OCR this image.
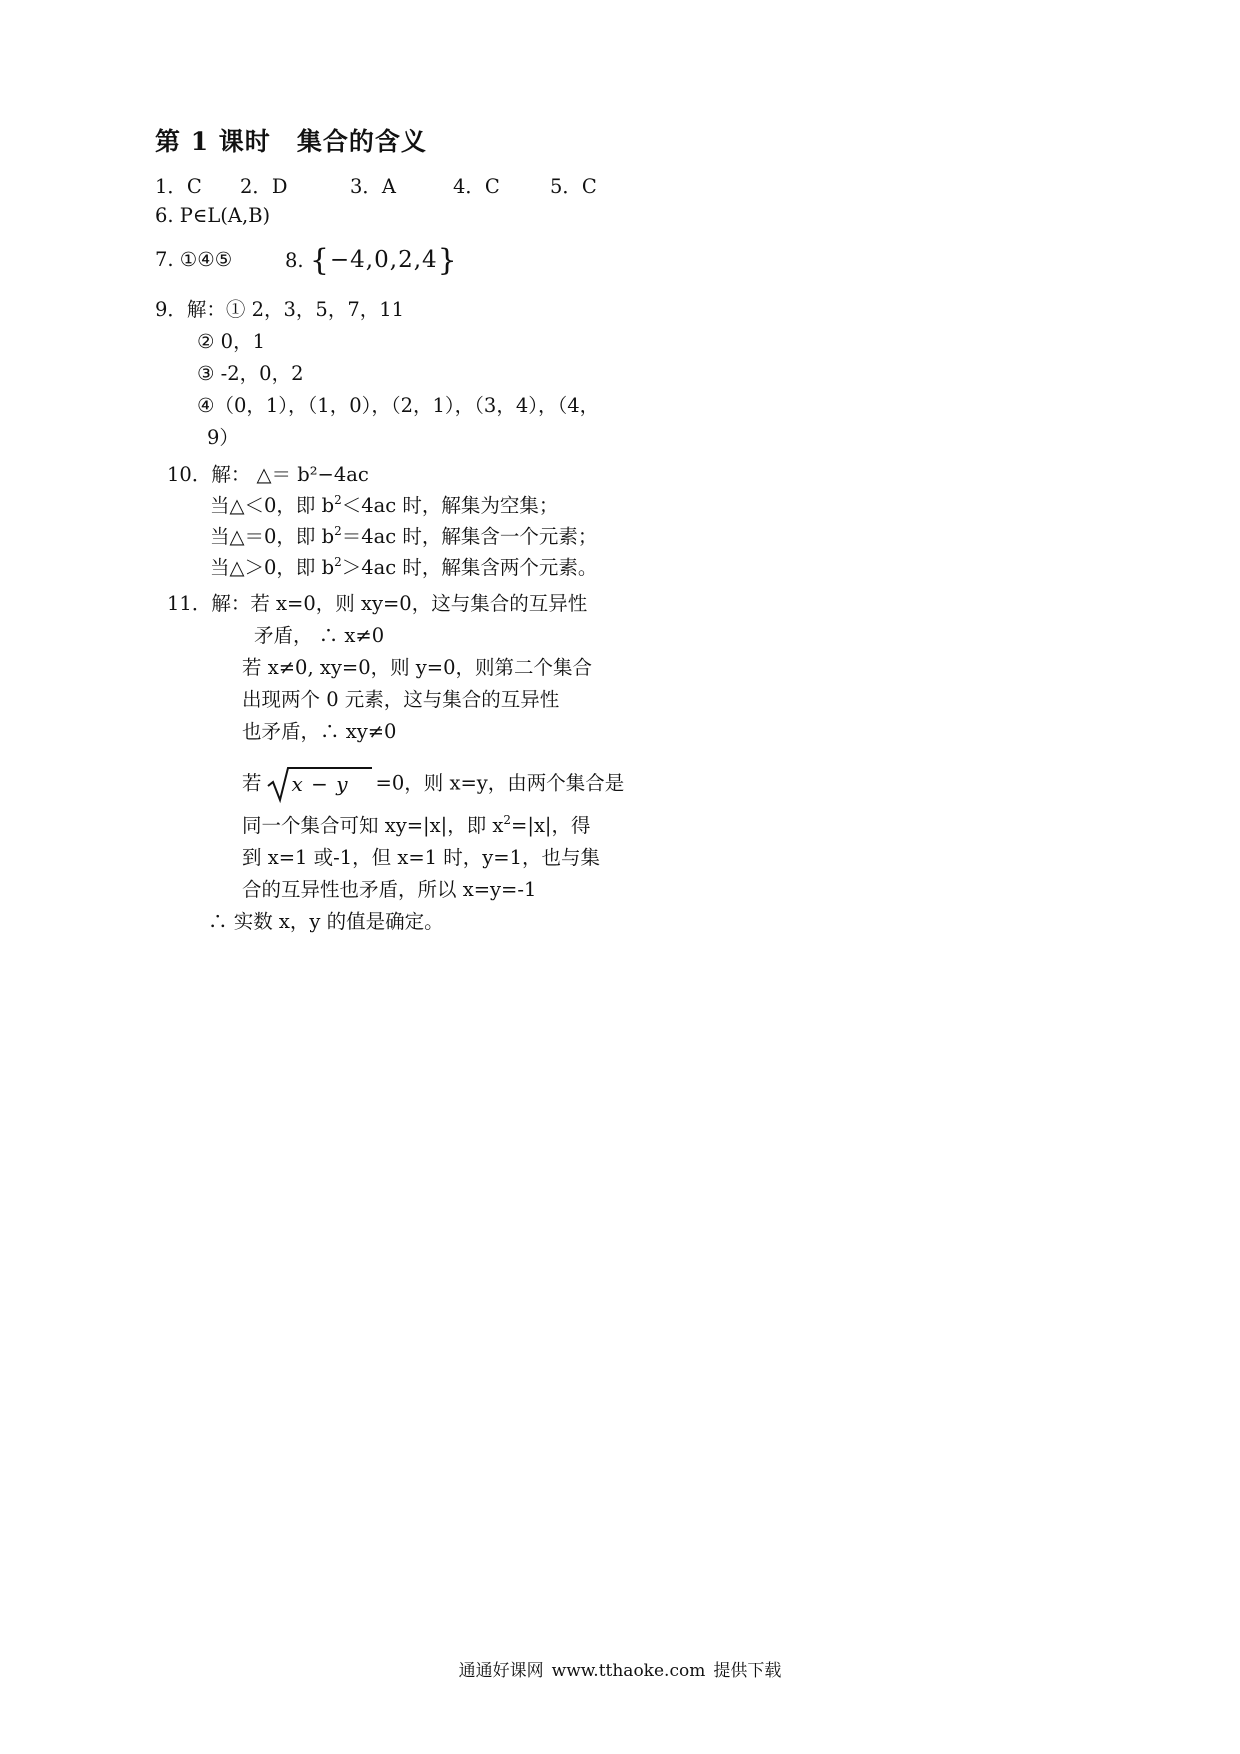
第 1 课时 集合的含义
1．C 2．D	3．A	4．C	5．C
6. P∈L(A,B)
7. ①④⑤	8. {−4,0,2,4}
9．解：① 2，3，5，7，11
② 0，1
③ -2，0，2
④（0，1），（1，0），（2，1），（3，4），（4，
9）
10．解： △＝ b²−4ac
当△＜0，即 $b^2<4ac$ 时，解集为空集；
当△＝0，即 $b^2=4ac$ 时，解集含一个元素；
当△＞0，即 $b^2>4ac$ 时，解集含两个元素。
11．解：若 x=0，则 xy=0，这与集合的互异性
矛盾， ∴ x≠0
若 x≠0, xy=0，则 y=0，则第二个集合
出现两个 0 元素，这与集合的互异性
也矛盾，∴ xy≠0
若 x − y =0，则 x=y，由两个集合是
同一个集合可知 xy=|x|，即 $x^2=|x|$，得
到 x=1 或-1，但 x=1 时，y=1，也与集
合的互异性也矛盾，所以 x=y=-1
∴ 实数 x，y 的值是确定。
通通好课网 www.tthaoke.com 提供下载
